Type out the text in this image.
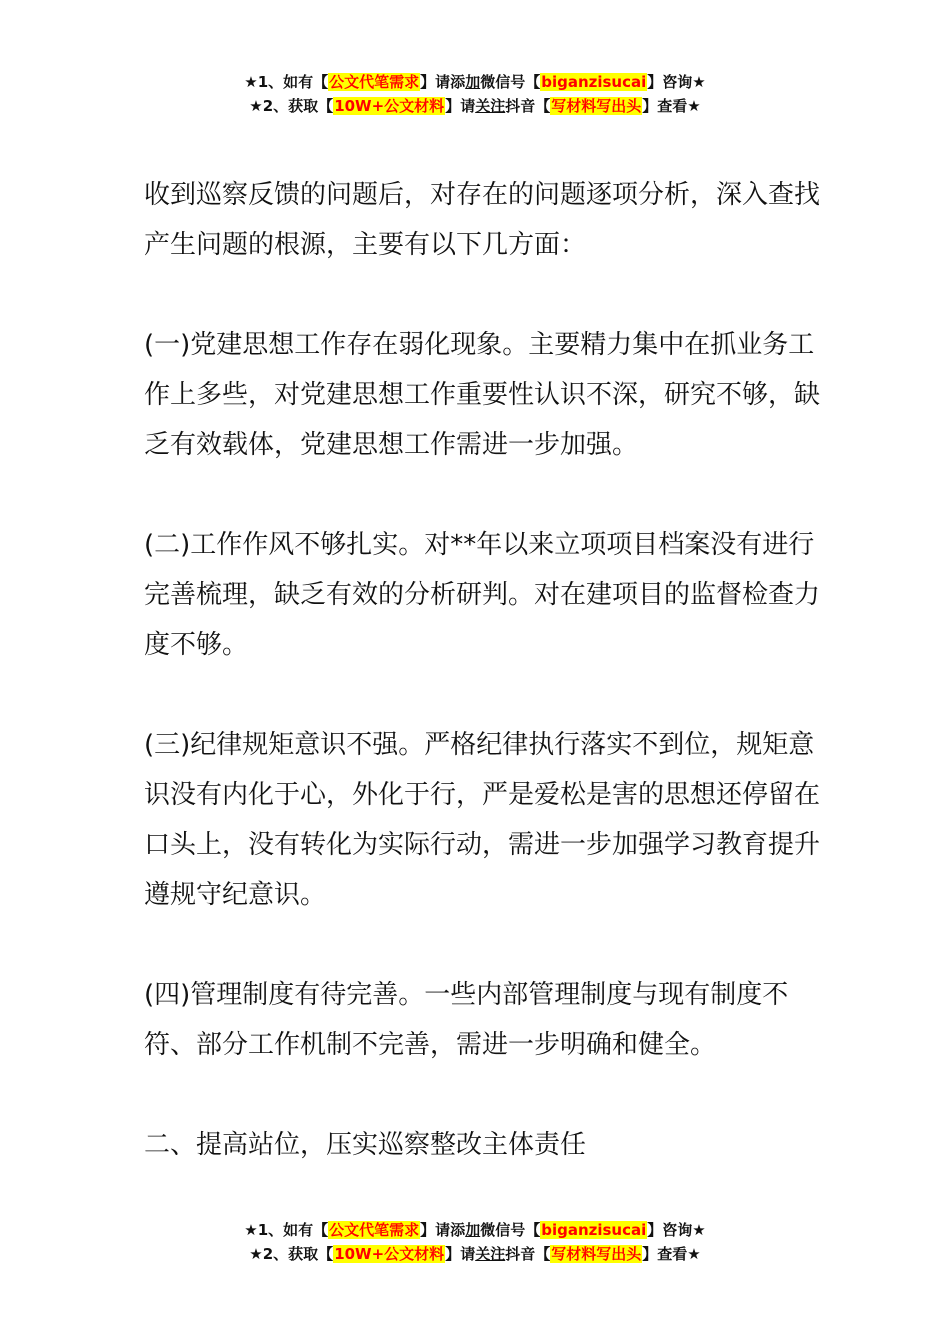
★1、如有【公文代笔需求】请添加微信号【biganzisucai】咨询★
★2、获取【10W+公文材料】请关注抖音【写材料写出头】查看★

收到巡察反馈的问题后，对存在的问题逐项分析，深入查找产生问题的根源，主要有以下几方面：

(一)党建思想工作存在弱化现象。主要精力集中在抓业务工作上多些，对党建思想工作重要性认识不深，研究不够，缺乏有效载体，党建思想工作需进一步加强。

(二)工作作风不够扎实。对**年以来立项项目档案没有进行完善梳理，缺乏有效的分析研判。对在建项目的监督检查力度不够。

(三)纪律规矩意识不强。严格纪律执行落实不到位，规矩意识没有内化于心，外化于行，严是爱松是害的思想还停留在口头上，没有转化为实际行动，需进一步加强学习教育提升遵规守纪意识。

(四)管理制度有待完善。一些内部管理制度与现有制度不符、部分工作机制不完善，需进一步明确和健全。

二、提高站位，压实巡察整改主体责任

★1、如有【公文代笔需求】请添加微信号【biganzisucai】咨询★
★2、获取【10W+公文材料】请关注抖音【写材料写出头】查看★
